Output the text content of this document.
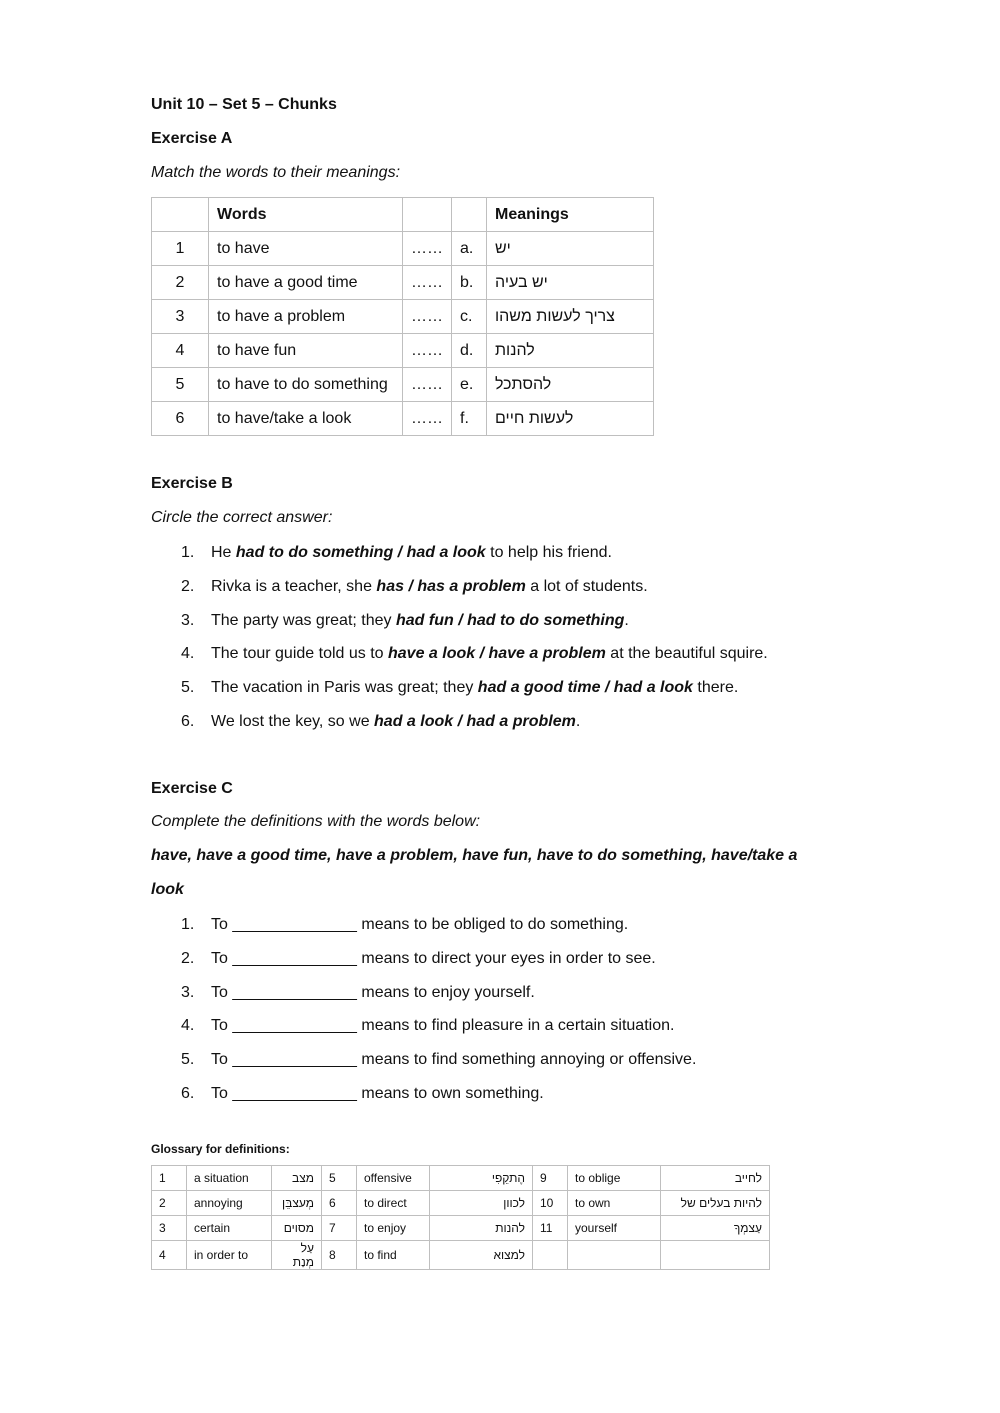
Unit 10 – Set 5 – Chunks
Exercise A
Match the words to their meanings:
	Words			Meanings
1	to have	……	a.	יש
2	to have a good time	……	b.	יש בעיה
3	to have a problem	……	c.	צריך לעשות משהו
4	to have fun	……	d.	להנות
5	to have to do something	……	e.	להסתכל
6	to have/take a look	……	f.	לעשות חיים
Exercise B
Circle the correct answer:
1. He had to do something / had a look to help his friend.
2. Rivka is a teacher, she has / has a problem a lot of students.
3. The party was great; they had fun / had to do something.
4. The tour guide told us to have a look / have a problem at the beautiful squire.
5. The vacation in Paris was great; they had a good time / had a look there.
6. We lost the key, so we had a look / had a problem.
Exercise C
Complete the definitions with the words below:
have, have a good time, have a problem, have fun, have to do something, have/take a
look
1. To ______________ means to be obliged to do something.
2. To ______________ means to direct your eyes in order to see.
3. To ______________ means to enjoy yourself.
4. To ______________ means to find pleasure in a certain situation.
5. To ______________ means to find something annoying or offensive.
6. To ______________ means to own something.
Glossary for definitions:
1	a situation	מצב	5	offensive	הֶתקֵפִי	9	to oblige	לחייב
2	annoying	מְעצבֵּן	6	to direct	לכוון	10	to own	להיות בעלים של
3	certain	מסוים	7	to enjoy	להנות	11	yourself	עַצמְךָ
4	in order to	עַל מְנַת	8	to find	למצוא			
